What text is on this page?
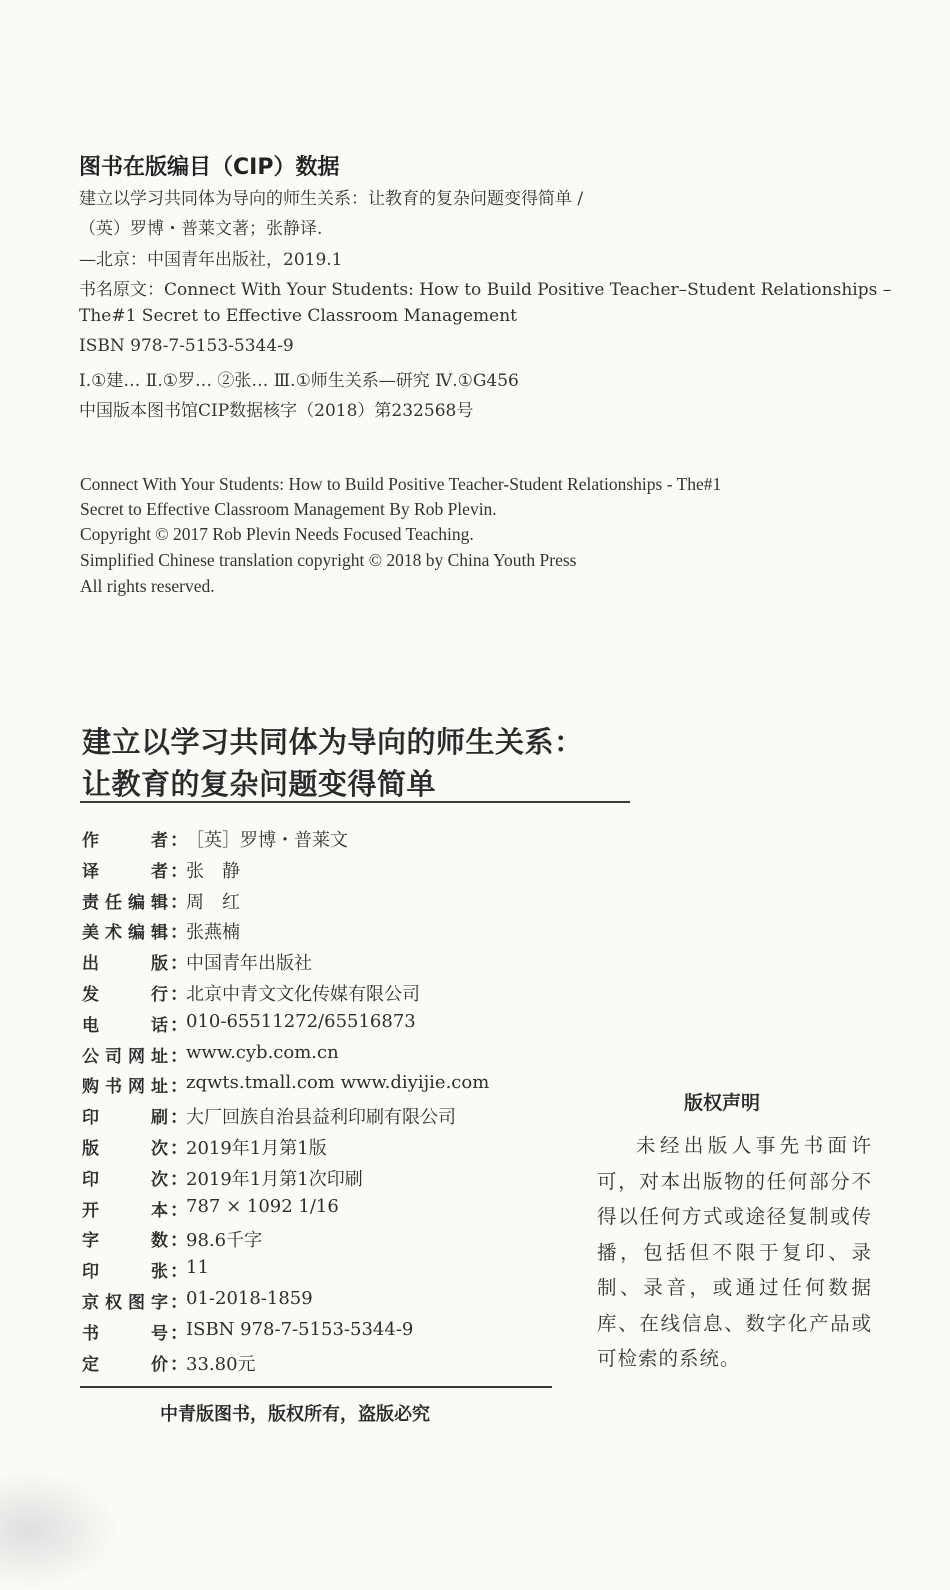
图书在版编目（CIP）数据
建立以学习共同体为导向的师生关系：让教育的复杂问题变得简单 /
（英）罗博・普莱文著；张静译.
—北京：中国青年出版社，2019.1
书名原文：Connect With Your Students: How to Build Positive Teacher–Student Relationships –
The#1 Secret to Effective Classroom Management
ISBN 978-7-5153-5344-9
Ⅰ.①建… Ⅱ.①罗… ②张… Ⅲ.①师生关系—研究 Ⅳ.①G456
中国版本图书馆CIP数据核字（2018）第232568号
Connect With Your Students: How to Build Positive Teacher-Student Relationships - The#1
Secret to Effective Classroom Management By Rob Plevin.
Copyright © 2017 Rob Plevin Needs Focused Teaching.
Simplified Chinese translation copyright © 2018 by China Youth Press
All rights reserved.
建立以学习共同体为导向的师生关系：
让教育的复杂问题变得简单
作	者 ：
［英］罗博・普莱文
译	者 ：
张　静
责 任 编 辑 ：
周　红
美 术 编 辑 ：
张燕楠
出	版 ：
中国青年出版社
发	行 ：
北京中青文文化传媒有限公司
电	话 ：
010-65511272/65516873
公 司 网 址 ：
www.cyb.com.cn
购 书 网 址 ：
zqwts.tmall.com www.diyijie.com
印	刷 ：
大厂回族自治县益利印刷有限公司
版	次 ：
2019年1月第1版
印	次 ：
2019年1月第1次印刷
开	本 ：
787 × 1092 1/16
字	数 ：
98.6千字
印	张 ：
11
京 权 图 字 ：
01-2018-1859
书	号 ：
ISBN 978-7-5153-5344-9
定	价 ：
33.80元
中青版图书，版权所有，盗版必究
版权声明
未经出版人事先书面许可，对本出版物的任何部分不得以任何方式或途径复制或传播，包括但不限于复印、录制、录音，或通过任何数据库、在线信息、数字化产品或可检索的系统。
